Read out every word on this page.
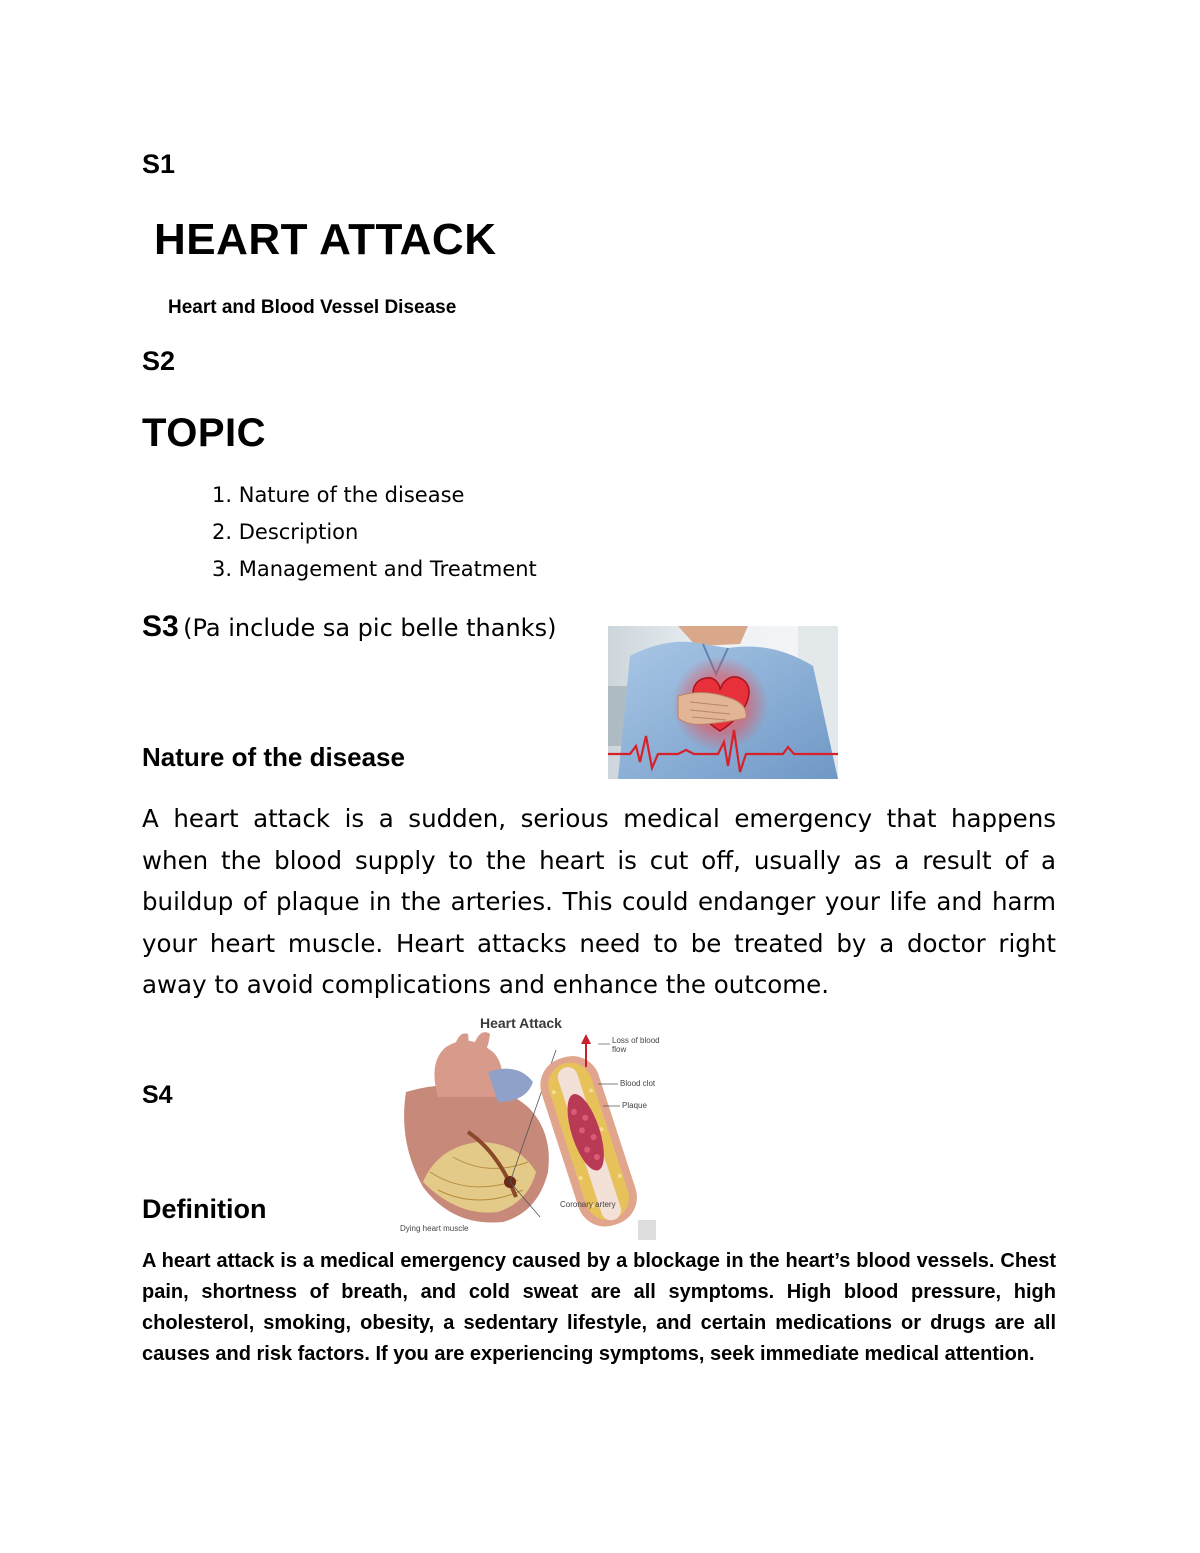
S1
HEART ATTACK
Heart and Blood Vessel Disease
S2
TOPIC
1. Nature of the disease
2. Description
3. Management and Treatment
S3 (Pa include sa pic belle thanks)
Nature of the disease

A heart attack is a sudden, serious medical emergency that happens when the blood supply to the heart is cut off, usually as a result of a buildup of plaque in the arteries. This could endanger your life and harm your heart muscle. Heart attacks need to be treated by a doctor right away to avoid complications and enhance the outcome.

Heart Attack
Loss of blood flow
Blood clot
Plaque
Coronary artery
Dying heart muscle
S4
Definition

A heart attack is a medical emergency caused by a blockage in the heart’s blood vessels. Chest pain, shortness of breath, and cold sweat are all symptoms. High blood pressure, high cholesterol, smoking, obesity, a sedentary lifestyle, and certain medications or drugs are all causes and risk factors. If you are experiencing symptoms, seek immediate medical attention.
